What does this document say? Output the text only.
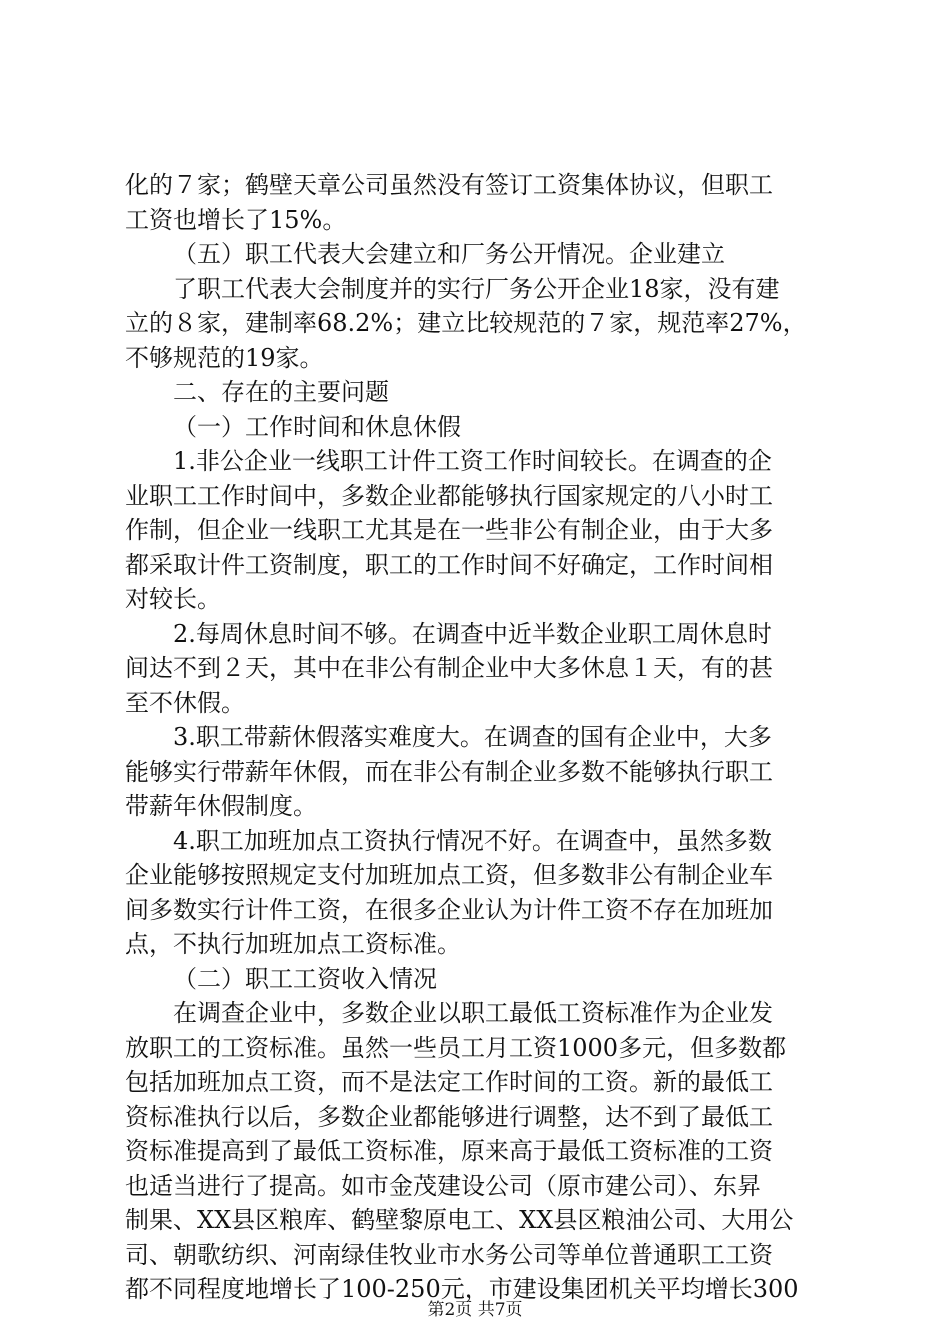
化的７家；鹤壁天章公司虽然没有签订工资集体协议，但职工
工资也增长了15%。
（五）职工代表大会建立和厂务公开情况。企业建立
了职工代表大会制度并的实行厂务公开企业18家，没有建
立的８家，建制率68.2%；建立比较规范的７家，规范率27%，
不够规范的19家。
二、存在的主要问题
（一）工作时间和休息休假
1.非公企业一线职工计件工资工作时间较长。在调查的企
业职工工作时间中，多数企业都能够执行国家规定的八小时工
作制，但企业一线职工尤其是在一些非公有制企业，由于大多
都采取计件工资制度，职工的工作时间不好确定，工作时间相
对较长。
2.每周休息时间不够。在调查中近半数企业职工周休息时
间达不到２天，其中在非公有制企业中大多休息１天，有的甚
至不休假。
3.职工带薪休假落实难度大。在调查的国有企业中，大多
能够实行带薪年休假，而在非公有制企业多数不能够执行职工
带薪年休假制度。
4.职工加班加点工资执行情况不好。在调查中，虽然多数
企业能够按照规定支付加班加点工资，但多数非公有制企业车
间多数实行计件工资，在很多企业认为计件工资不存在加班加
点，不执行加班加点工资标准。
（二）职工工资收入情况
在调查企业中，多数企业以职工最低工资标准作为企业发
放职工的工资标准。虽然一些员工月工资1000多元，但多数都
包括加班加点工资，而不是法定工作时间的工资。新的最低工
资标准执行以后，多数企业都能够进行调整，达不到了最低工
资标准提高到了最低工资标准，原来高于最低工资标准的工资
也适当进行了提高。如市金茂建设公司（原市建公司）、东昇
制果、XX县区粮库、鹤壁黎原电工、XX县区粮油公司、大用公
司、朝歌纺织、河南绿佳牧业市水务公司等单位普通职工工资
都不同程度地增长了100-250元，市建设集团机关平均增长300
第2页 共7页
